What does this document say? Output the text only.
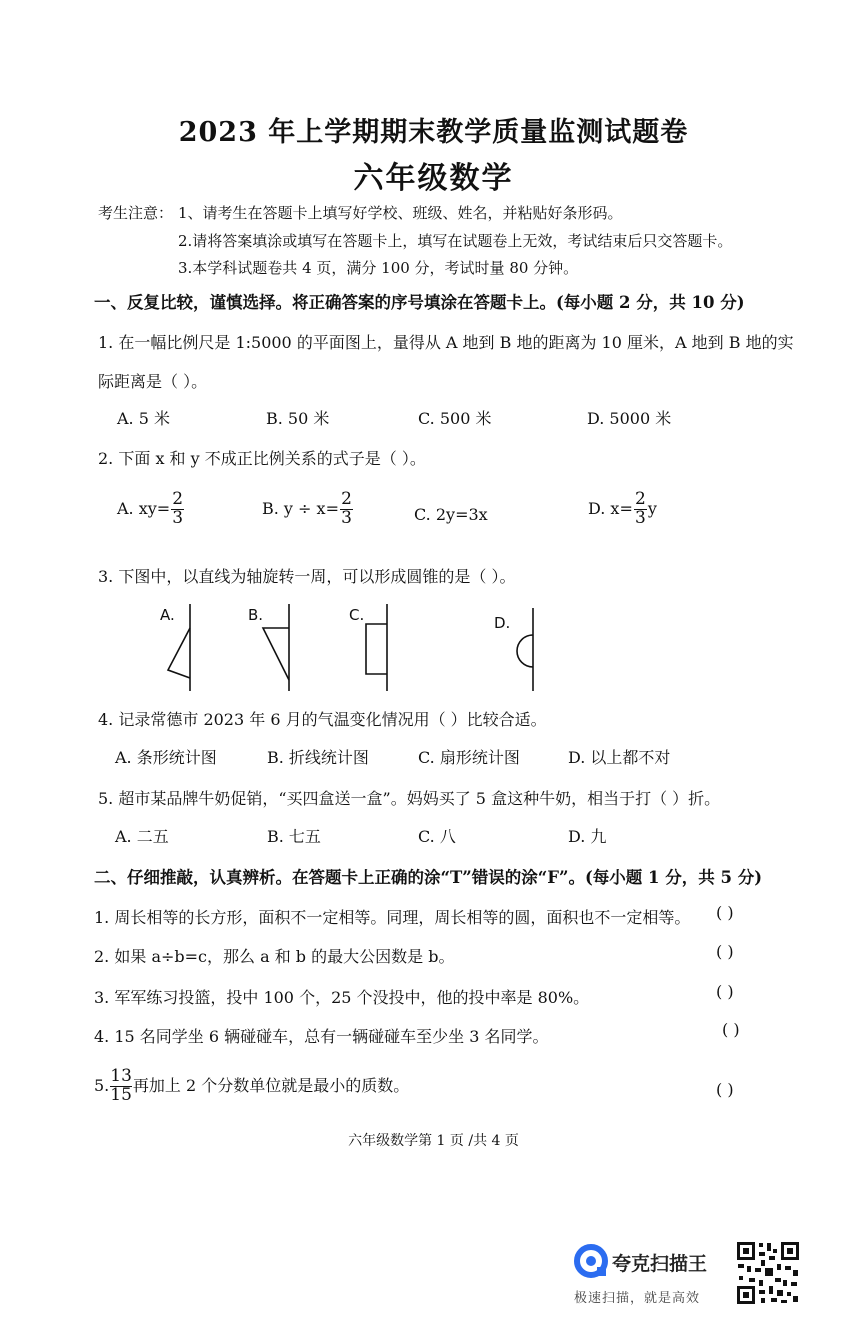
2023 年上学期期末教学质量监测试题卷
六年级数学
考生注意： 1、请考生在答题卡上填写好学校、班级、姓名，并粘贴好条形码。
2.请将答案填涂或填写在答题卡上，填写在试题卷上无效，考试结束后只交答题卡。
3.本学科试题卷共 4 页，满分 100 分，考试时量 80 分钟。
一、反复比较，谨慎选择。将正确答案的序号填涂在答题卡上。(每小题 2 分，共 10 分)
1. 在一幅比例尺是 1:5000 的平面图上，量得从 A 地到 B 地的距离为 10 厘米，A 地到 B 地的实
际距离是（ ）。
A. 5 米	B. 50 米	C. 500 米	D. 5000 米
2. 下面 x 和 y 不成正比例关系的式子是（ ）。
A. $xy= \frac{2}{3}$	B. $y \div x= \frac{2}{3}$	C. 2y=3x	D. $x= \frac{2}{3}$ y
3. 下图中，以直线为轴旋转一周，可以形成圆锥的是（ ）。
A.	B.	C.	D.
4. 记录常德市 2023 年 6 月的气温变化情况用（ ）比较合适。
A. 条形统计图	B. 折线统计图	C. 扇形统计图	D. 以上都不对
5. 超市某品牌牛奶促销，“买四盒送一盒”。妈妈买了 5 盒这种牛奶，相当于打（ ）折。
A. 二五	B. 七五	C. 八	D. 九
二、仔细推敲，认真辨析。在答题卡上正确的涂“T”错误的涂“F”。(每小题 1 分，共 5 分)
1. 周长相等的长方形，面积不一定相等。同理，周长相等的圆，面积也不一定相等。 ( )
2. 如果 a÷b=c，那么 a 和 b 的最大公因数是 b。	( )
3. 军军练习投篮，投中 100 个，25 个没投中，他的投中率是 80%。	( )
4. 15 名同学坐 6 辆碰碰车，总有一辆碰碰车至少坐 3 名同学。	( )
5. $\frac{13}{15}$ 再加上 2 个分数单位就是最小的质数。	( )
六年级数学第 1 页 /共 4 页
夸克扫描王
极速扫描，就是高效
